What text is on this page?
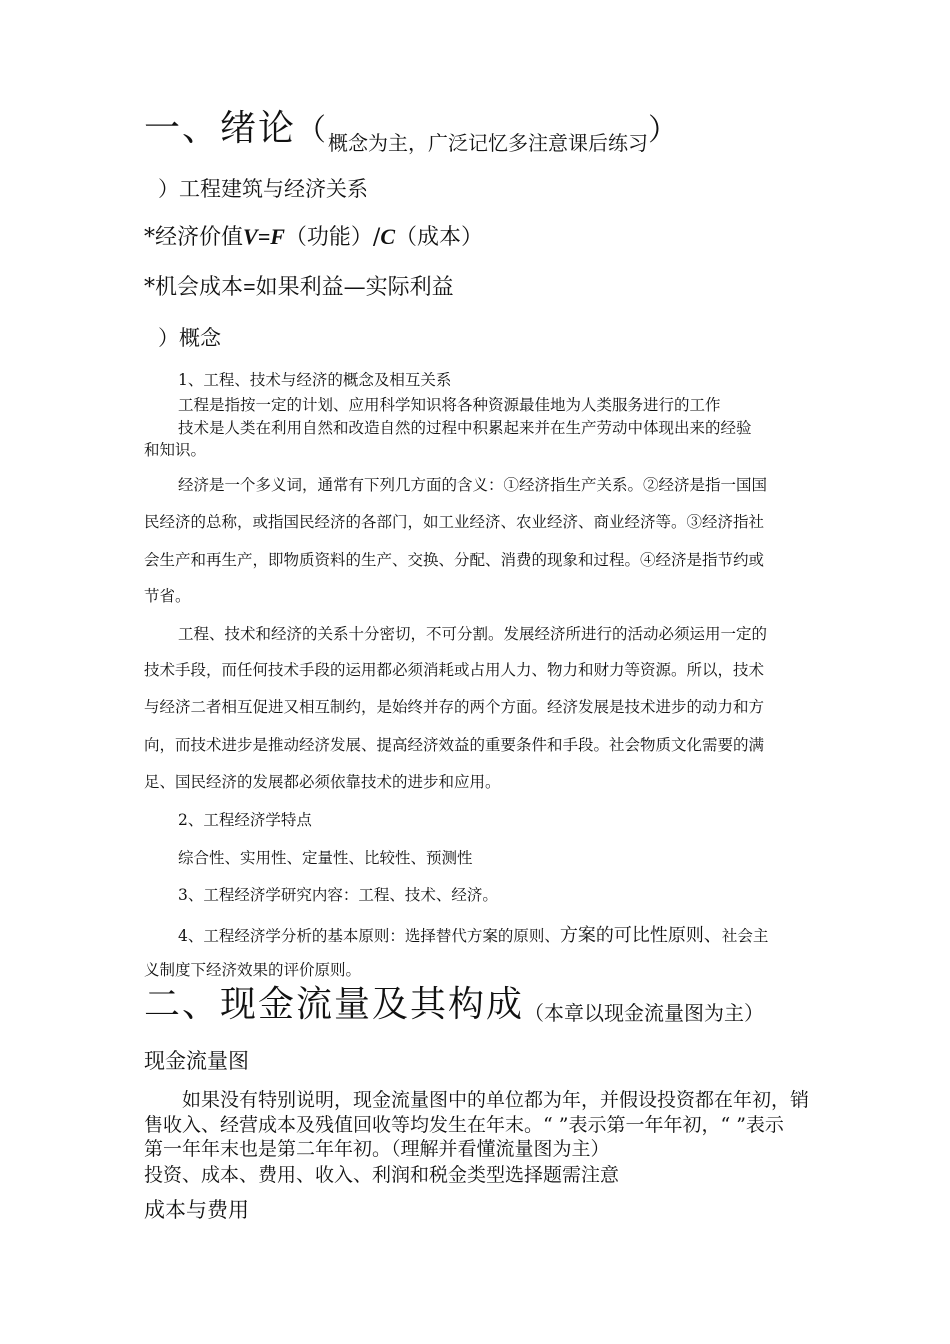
一、绪论$(_{概念为主,广泛记忆多注意课后练习})$
）工程建筑与经济关系
*经济价值V=F（功能）/C（成本）
*机会成本=如果利益—实际利益
）概念
1、工程、技术与经济的概念及相互关系
工程是指按一定的计划、应用科学知识将各种资源最佳地为人类服务进行的工作
技术是人类在利用自然和改造自然的过程中积累起来并在生产劳动中体现出来的经验
和知识。
经济是一个多义词，通常有下列几方面的含义：①经济指生产关系。②经济是指一国国
民经济的总称，或指国民经济的各部门，如工业经济、农业经济、商业经济等。③经济指社
会生产和再生产，即物质资料的生产、交换、分配、消费的现象和过程。④经济是指节约或
节省。
工程、技术和经济的关系十分密切，不可分割。发展经济所进行的活动必须运用一定的
技术手段，而任何技术手段的运用都必须消耗或占用人力、物力和财力等资源。所以，技术
与经济二者相互促进又相互制约，是始终并存的两个方面。经济发展是技术进步的动力和方
向，而技术进步是推动经济发展、提高经济效益的重要条件和手段。社会物质文化需要的满
足、国民经济的发展都必须依靠技术的进步和应用。
2、工程经济学特点
综合性、实用性、定量性、比较性、预测性
3、工程经济学研究内容：工程、技术、经济。
4、工程经济学分析的基本原则：选择替代方案的原则、方案的可比性原则、社会主
义制度下经济效果的评价原则。
二、现金流量及其构成（本章以现金流量图为主）
现金流量图
如果没有特别说明，现金流量图中的单位都为年，并假设投资都在年初，销
售收入、经营成本及残值回收等均发生在年末。“ ”表示第一年年初，“ ”表示
第一年年末也是第二年年初。（理解并看懂流量图为主）
投资、成本、费用、收入、利润和税金类型选择题需注意
成本与费用
